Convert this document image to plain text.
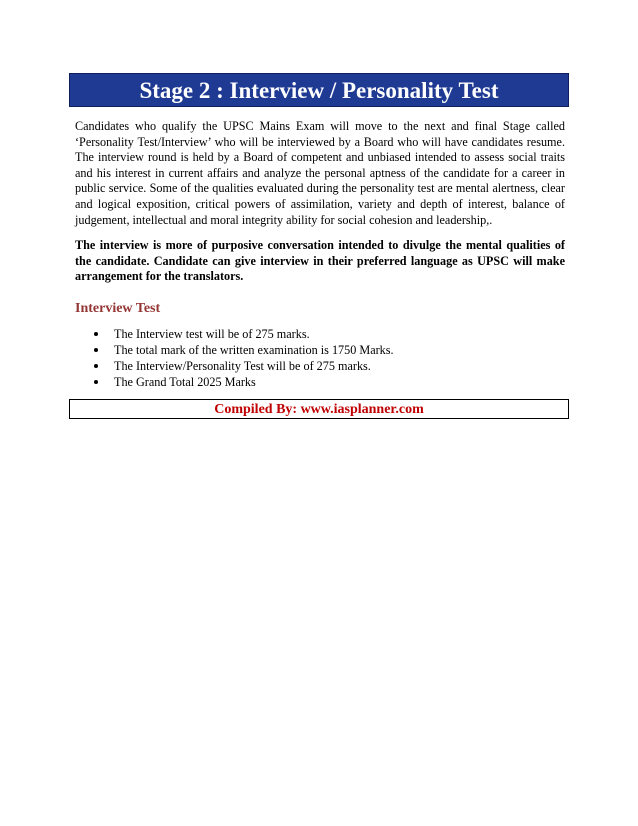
Stage 2 : Interview / Personality Test

Candidates who qualify the UPSC Mains Exam will move to the next and final Stage called ‘Personality Test/Interview’ who will be interviewed by a Board who will have candidates resume. The interview round is held by a Board of competent and unbiased intended to assess social traits and his interest in current affairs and analyze the personal aptness of the candidate for a career in public service. Some of the qualities evaluated during the personality test are mental alertness, clear and logical exposition, critical powers of assimilation, variety and depth of interest, balance of judgement, intellectual and moral integrity ability for social cohesion and leadership,.

The interview is more of purposive conversation intended to divulge the mental qualities of the candidate. Candidate can give interview in their preferred language as UPSC will make arrangement for the translators.

Interview Test
The Interview test will be of 275 marks.
The total mark of the written examination is 1750 Marks.
The Interview/Personality Test will be of 275 marks.
The Grand Total 2025 Marks
Compiled By: www.iasplanner.com
